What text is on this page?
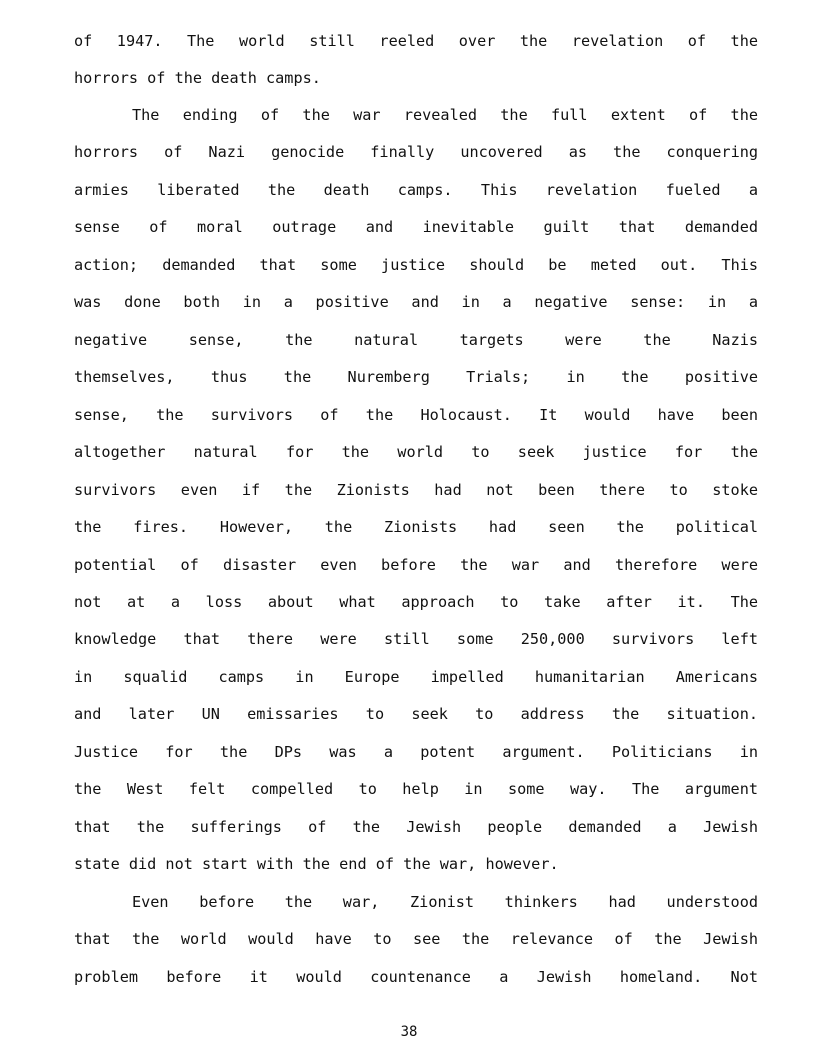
of 1947. The world still reeled over the revelation of the
horrors of the death camps.
The ending of the war revealed the full extent of the
horrors of Nazi genocide finally uncovered as the conquering
armies liberated the death camps. This revelation fueled a
sense of moral outrage and inevitable guilt that demanded
action; demanded that some justice should be meted out. This
was done both in a positive and in a negative sense: in a
negative sense, the natural targets were the Nazis
themselves, thus the Nuremberg Trials; in the positive
sense, the survivors of the Holocaust. It would have been
altogether natural for the world to seek justice for the
survivors even if the Zionists had not been there to stoke
the fires. However, the Zionists had seen the political
potential of disaster even before the war and therefore were
not at a loss about what approach to take after it. The
knowledge that there were still some 250,000 survivors left
in squalid camps in Europe impelled humanitarian Americans
and later UN emissaries to seek to address the situation.
Justice for the DPs was a potent argument. Politicians in
the West felt compelled to help in some way. The argument
that the sufferings of the Jewish people demanded a Jewish
state did not start with the end of the war, however.
Even before the war, Zionist thinkers had understood
that the world would have to see the relevance of the Jewish
problem before it would countenance a Jewish homeland. Not
38
